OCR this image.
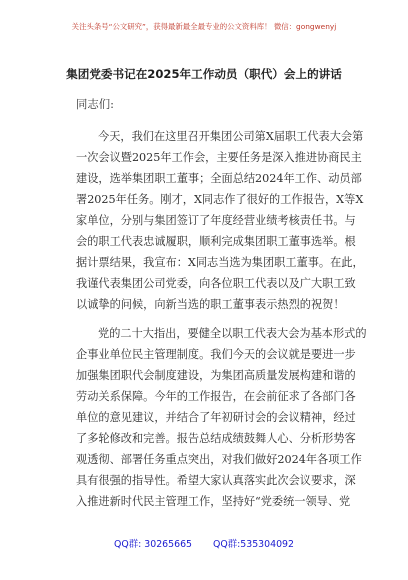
关注头条号“公文研究”，获得最新最全最专业的公文资料库！ 微信：gongwenyj
集团党委书记在2025年工作动员（职代）会上的讲话
同志们:
今天，我们在这里召开集团公司第X届职工代表大会第
一次会议暨2025年工作会，主要任务是深入推进协商民主
建设，选举集团职工董事；全面总结2024年工作、动员部
署2025年任务。刚才，X同志作了很好的工作报告，X等X
家单位，分别与集团签订了年度经营业绩考核责任书。与
会的职工代表忠诚履职，顺利完成集团职工董事选举。根
据计票结果，我宣布：X同志当选为集团职工董事。在此，
我谨代表集团公司党委，向各位职工代表以及广大职工致
以诚挚的问候，向新当选的职工董事表示热烈的祝贺！
党的二十大指出，要健全以职工代表大会为基本形式的
企事业单位民主管理制度。我们今天的会议就是要进一步
加强集团职代会制度建设，为集团高质量发展构建和谐的
劳动关系保障。今年的工作报告，在会前征求了各部门各
单位的意见建议，并结合了年初研讨会的会议精神，经过
了多轮修改和完善。报告总结成绩鼓舞人心、分析形势客
观透彻、部署任务重点突出，对我们做好2024年各项工作
具有很强的指导性。希望大家认真落实此次会议要求，深
入推进新时代民主管理工作，坚持好“党委统一领导、党
QQ群: 30265665 QQ群:535304092
